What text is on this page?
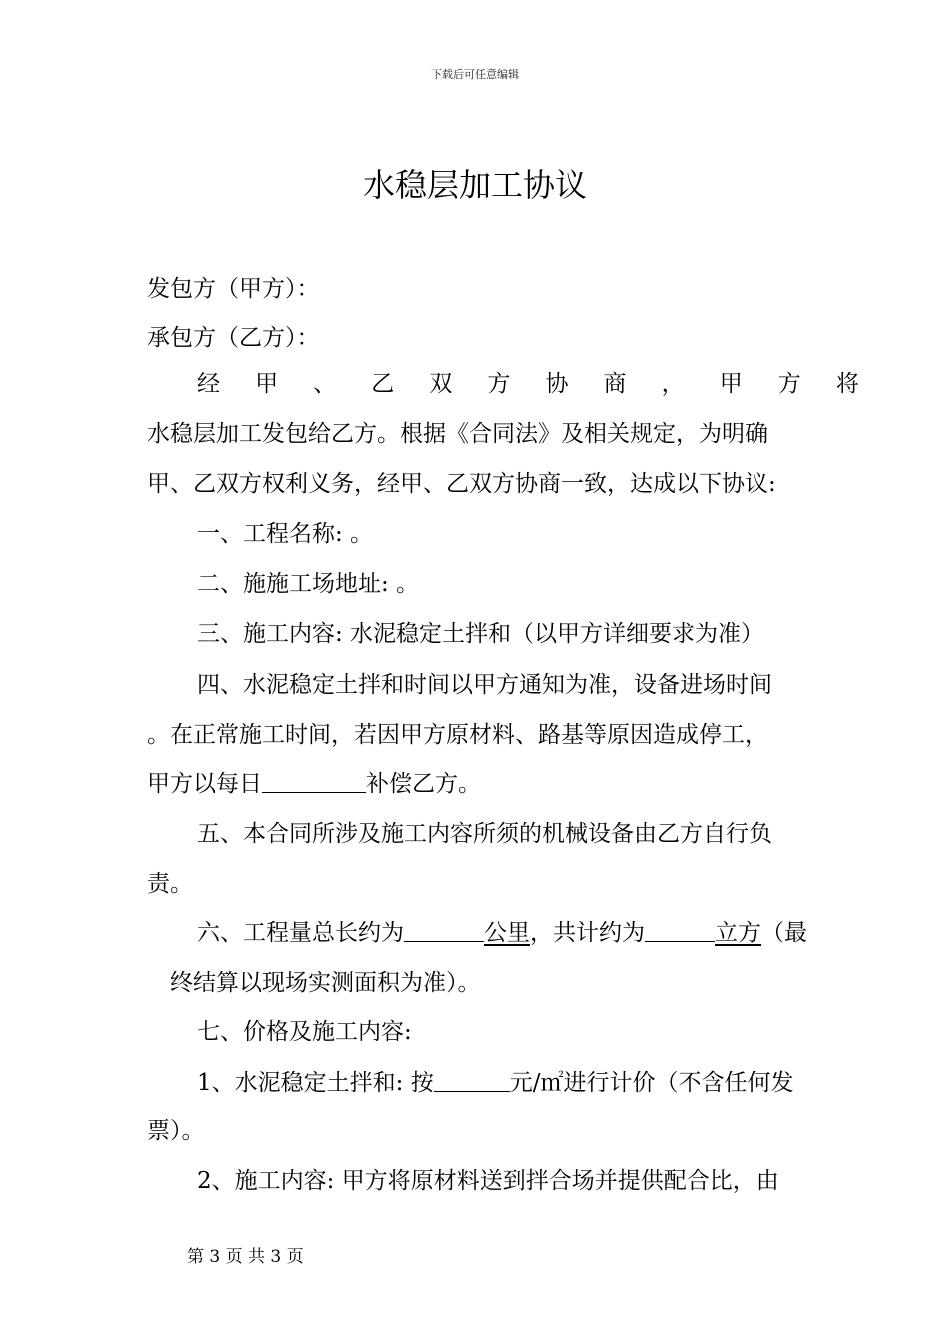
下载后可任意编辑
水稳层加工协议
发包方（甲方）：
承包方（乙方）：
经 甲 、 乙 双 方 协 商 ， 甲 方 将
水稳层加工发包给乙方。根据《合同法》及相关规定，为明确
甲、乙双方权利义务，经甲、乙双方协商一致，达成以下协议:
一、工程名称: 。
二、施施工场地址: 。
三、施工内容: 水泥稳定土拌和（以甲方详细要求为准）
四、水泥稳定土拌和时间以甲方通知为准，设备进场时间
。在正常施工时间，若因甲方原材料、路基等原因造成停工，
甲方以每日	补偿乙方。
五、本合同所涉及施工内容所须的机械设备由乙方自行负
责。
六、工程量总长约为	公里，共计约为	立方（最
终结算以现场实测面积为准）。
七、价格及施工内容:
1、水泥稳定土拌和: 按	元/㎡进行计价（不含任何发
票）。
2、施工内容: 甲方将原材料送到拌合场并提供配合比，由
第 3 页 共 3 页
